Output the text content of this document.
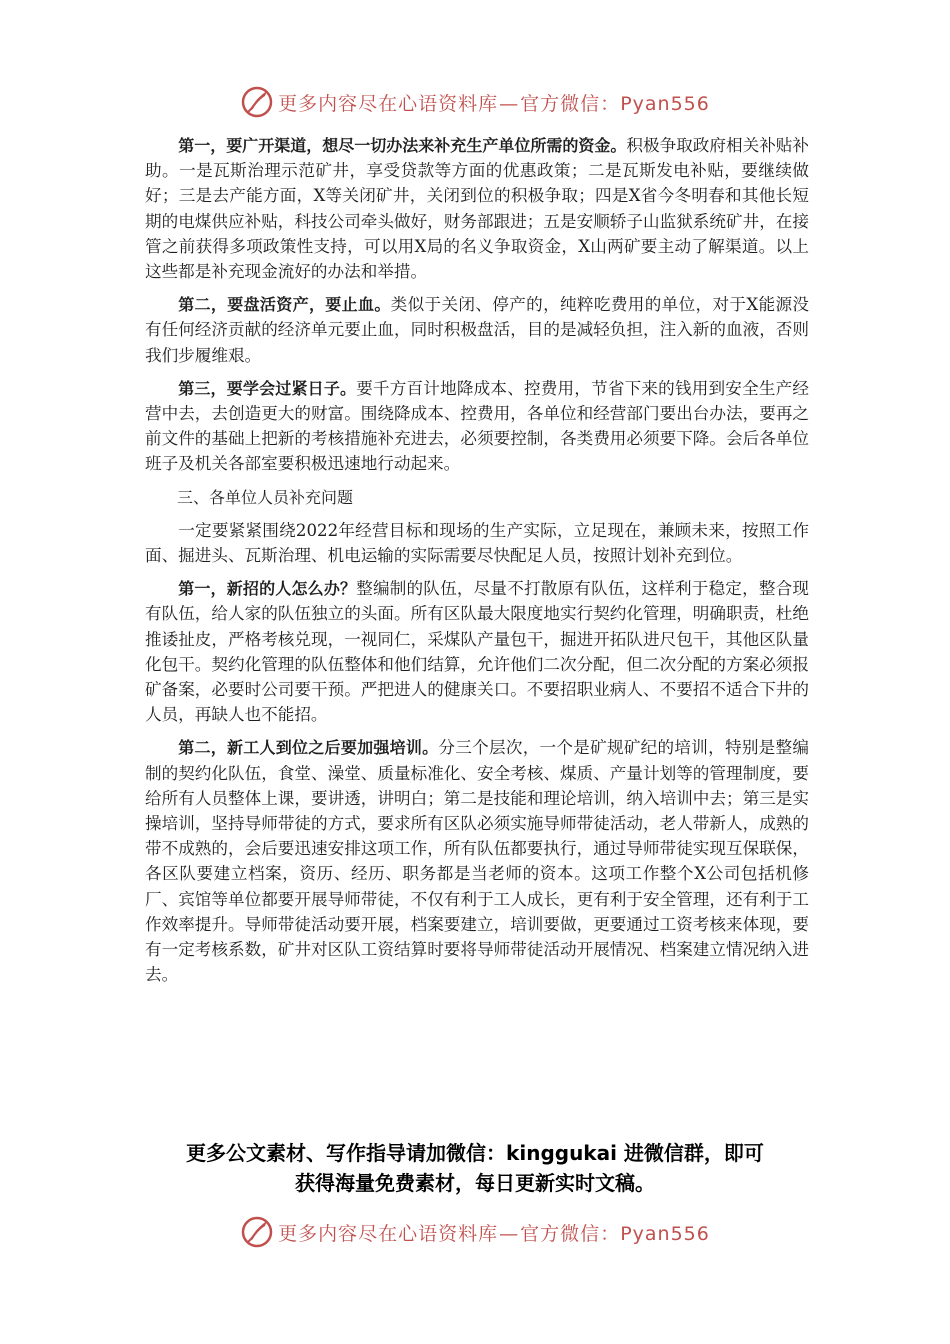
更多内容尽在心语资料库—官方微信：Pyan556

第一，要广开渠道，想尽一切办法来补充生产单位所需的资金。积极争取政府相关补贴补助。一是瓦斯治理示范矿井，享受贷款等方面的优惠政策；二是瓦斯发电补贴，要继续做好；三是去产能方面，X等关闭矿井，关闭到位的积极争取；四是X省今冬明春和其他长短期的电煤供应补贴，科技公司牵头做好，财务部跟进；五是安顺轿子山监狱系统矿井，在接管之前获得多项政策性支持，可以用X局的名义争取资金，X山两矿要主动了解渠道。以上这些都是补充现金流好的办法和举措。

第二，要盘活资产，要止血。类似于关闭、停产的，纯粹吃费用的单位，对于X能源没有任何经济贡献的经济单元要止血，同时积极盘活，目的是减轻负担，注入新的血液，否则我们步履维艰。

第三，要学会过紧日子。要千方百计地降成本、控费用，节省下来的钱用到安全生产经营中去，去创造更大的财富。围绕降成本、控费用，各单位和经营部门要出台办法，要再之前文件的基础上把新的考核措施补充进去，必须要控制，各类费用必须要下降。会后各单位班子及机关各部室要积极迅速地行动起来。

三、各单位人员补充问题

一定要紧紧围绕2022年经营目标和现场的生产实际，立足现在，兼顾未来，按照工作面、掘进头、瓦斯治理、机电运输的实际需要尽快配足人员，按照计划补充到位。

第一，新招的人怎么办？整编制的队伍，尽量不打散原有队伍，这样利于稳定，整合现有队伍，给人家的队伍独立的头面。所有区队最大限度地实行契约化管理，明确职责，杜绝推诿扯皮，严格考核兑现，一视同仁，采煤队产量包干，掘进开拓队进尺包干，其他区队量化包干。契约化管理的队伍整体和他们结算，允许他们二次分配，但二次分配的方案必须报矿备案，必要时公司要干预。严把进人的健康关口。不要招职业病人、不要招不适合下井的人员，再缺人也不能招。

第二，新工人到位之后要加强培训。分三个层次，一个是矿规矿纪的培训，特别是整编制的契约化队伍，食堂、澡堂、质量标准化、安全考核、煤质、产量计划等的管理制度，要给所有人员整体上课，要讲透，讲明白；第二是技能和理论培训，纳入培训中去；第三是实操培训，坚持导师带徒的方式，要求所有区队必须实施导师带徒活动，老人带新人，成熟的带不成熟的，会后要迅速安排这项工作，所有队伍都要执行，通过导师带徒实现互保联保，各区队要建立档案，资历、经历、职务都是当老师的资本。这项工作整个X公司包括机修厂、宾馆等单位都要开展导师带徒，不仅有利于工人成长，更有利于安全管理，还有利于工作效率提升。导师带徒活动要开展，档案要建立，培训要做，更要通过工资考核来体现，要有一定考核系数，矿井对区队工资结算时要将导师带徒活动开展情况、档案建立情况纳入进去。

更多公文素材、写作指导请加微信：kinggukai 进微信群，即可
获得海量免费素材，每日更新实时文稿。
更多内容尽在心语资料库—官方微信：Pyan556
